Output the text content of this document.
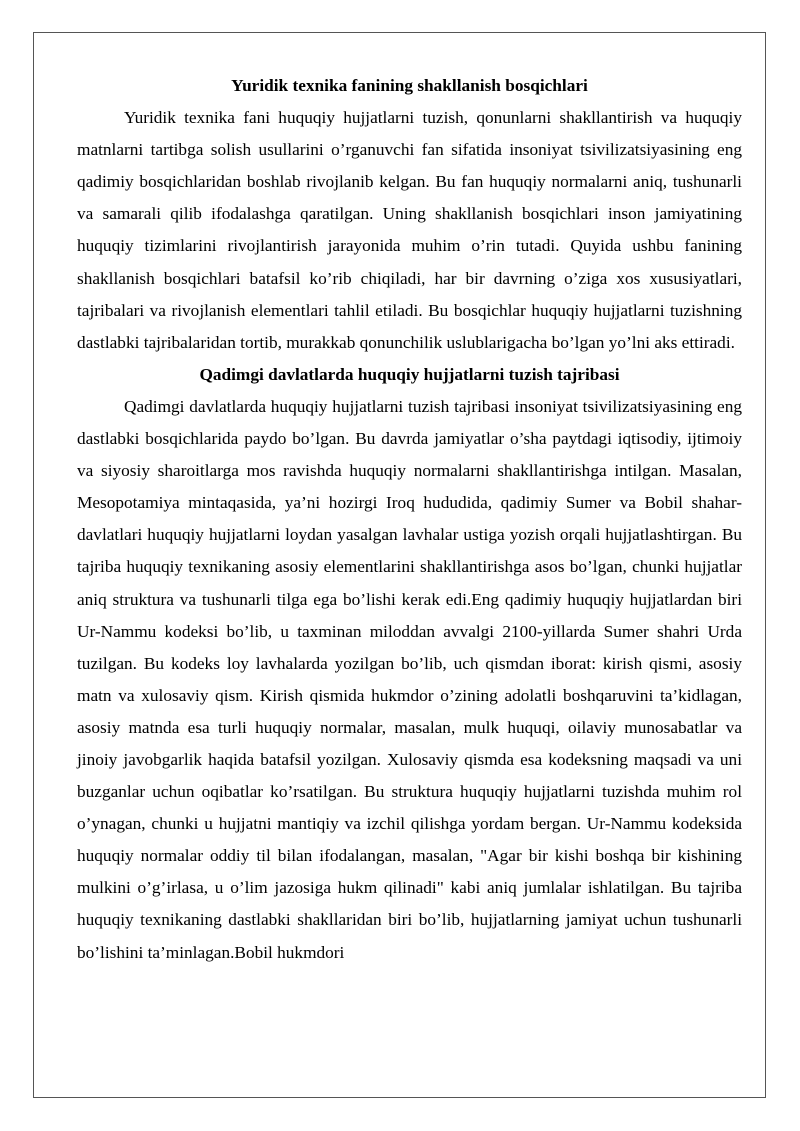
Yuridik texnika fanining shakllanish bosqichlari

Yuridik texnika fani huquqiy hujjatlarni tuzish, qonunlarni shakllantirish va huquqiy matnlarni tartibga solish usullarini o’rganuvchi fan sifatida insoniyat tsivilizatsiyasining eng qadimiy bosqichlaridan boshlab rivojlanib kelgan. Bu fan huquqiy normalarni aniq, tushunarli va samarali qilib ifodalashga qaratilgan. Uning shakllanish bosqichlari inson jamiyatining huquqiy tizimlarini rivojlantirish jarayonida muhim o’rin tutadi. Quyida ushbu fanining shakllanish bosqichlari batafsil ko’rib chiqiladi, har bir davrning o’ziga xos xususiyatlari, tajribalari va rivojlanish elementlari tahlil etiladi. Bu bosqichlar huquqiy hujjatlarni tuzishning dastlabki tajribalaridan tortib, murakkab qonunchilik uslublarigacha bo’lgan yo’lni aks ettiradi.

Qadimgi davlatlarda huquqiy hujjatlarni tuzish tajribasi

Qadimgi davlatlarda huquqiy hujjatlarni tuzish tajribasi insoniyat tsivilizatsiyasining eng dastlabki bosqichlarida paydo bo’lgan. Bu davrda jamiyatlar o’sha paytdagi iqtisodiy, ijtimoiy va siyosiy sharoitlarga mos ravishda huquqiy normalarni shakllantirishga intilgan. Masalan, Mesopotamiya mintaqasida, ya’ni hozirgi Iroq hududida, qadimiy Sumer va Bobil shahar-davlatlari huquqiy hujjatlarni loydan yasalgan lavhalar ustiga yozish orqali hujjatlashtirgan. Bu tajriba huquqiy texnikaning asosiy elementlarini shakllantirishga asos bo’lgan, chunki hujjatlar aniq struktura va tushunarli tilga ega bo’lishi kerak edi.Eng qadimiy huquqiy hujjatlardan biri Ur-Nammu kodeksi bo’lib, u taxminan miloddan avvalgi 2100-yillarda Sumer shahri Urda tuzilgan. Bu kodeks loy lavhalarda yozilgan bo’lib, uch qismdan iborat: kirish qismi, asosiy matn va xulosaviy qism. Kirish qismida hukmdor o’zining adolatli boshqaruvini ta’kidlagan, asosiy matnda esa turli huquqiy normalar, masalan, mulk huquqi, oilaviy munosabatlar va jinoiy javobgarlik haqida batafsil yozilgan. Xulosaviy qismda esa kodeksning maqsadi va uni buzganlar uchun oqibatlar ko’rsatilgan. Bu struktura huquqiy hujjatlarni tuzishda muhim rol o’ynagan, chunki u hujjatni mantiqiy va izchil qilishga yordam bergan. Ur-Nammu kodeksida huquqiy normalar oddiy til bilan ifodalangan, masalan, "Agar bir kishi boshqa bir kishining mulkini o’g’irlasa, u o’lim jazosiga hukm qilinadi" kabi aniq jumlalar ishlatilgan. Bu tajriba huquqiy texnikaning dastlabki shakllaridan biri bo’lib, hujjatlarning jamiyat uchun tushunarli bo’lishini ta’minlagan.Bobil hukmdori
